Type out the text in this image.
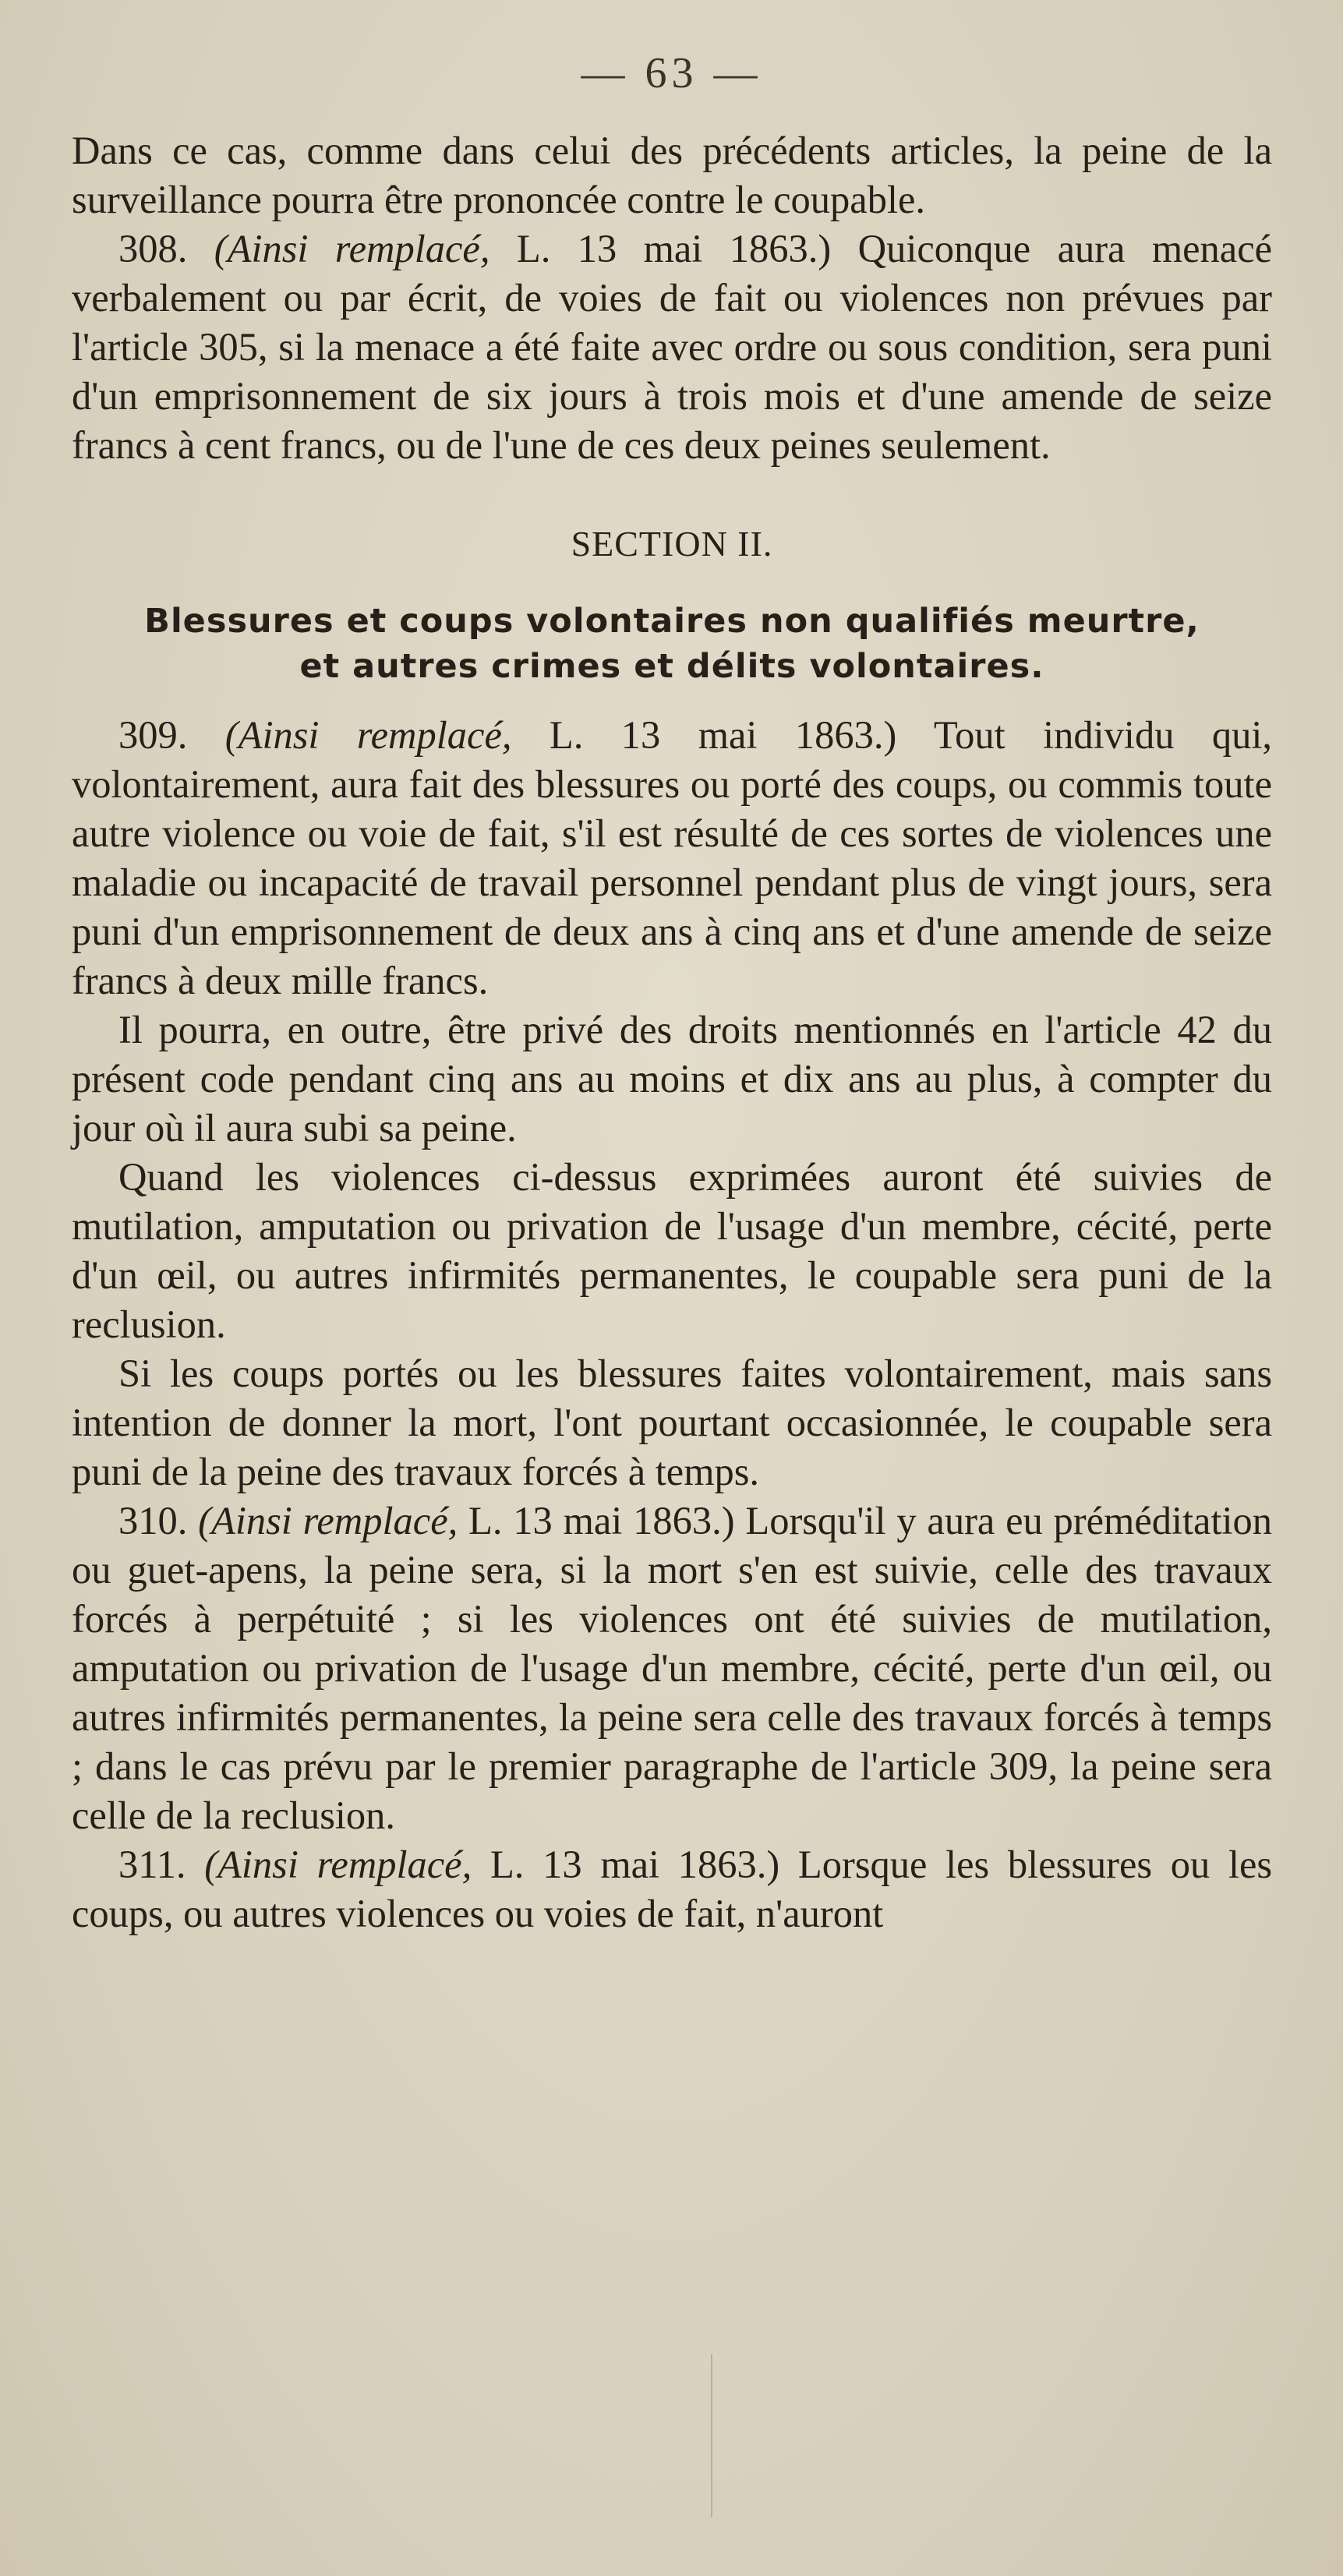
— 63 —

Dans ce cas, comme dans celui des précédents articles, la peine de la surveillance pourra être prononcée contre le coupable.

308. (Ainsi remplacé, L. 13 mai 1863.) Quiconque aura menacé verbalement ou par écrit, de voies de fait ou violences non prévues par l'article 305, si la menace a été faite avec ordre ou sous condition, sera puni d'un emprisonnement de six jours à trois mois et d'une amende de seize francs à cent francs, ou de l'une de ces deux peines seulement.

SECTION II.
Blessures et coups volontaires non qualifiés meurtre,
et autres crimes et délits volontaires.

309. (Ainsi remplacé, L. 13 mai 1863.) Tout individu qui, volontairement, aura fait des blessures ou porté des coups, ou commis toute autre violence ou voie de fait, s'il est résulté de ces sortes de violences une maladie ou incapacité de travail personnel pendant plus de vingt jours, sera puni d'un emprisonnement de deux ans à cinq ans et d'une amende de seize francs à deux mille francs.

Il pourra, en outre, être privé des droits mentionnés en l'article 42 du présent code pendant cinq ans au moins et dix ans au plus, à compter du jour où il aura subi sa peine.

Quand les violences ci-dessus exprimées auront été suivies de mutilation, amputation ou privation de l'usage d'un membre, cécité, perte d'un œil, ou autres infirmités permanentes, le coupable sera puni de la reclusion.

Si les coups portés ou les blessures faites volontairement, mais sans intention de donner la mort, l'ont pourtant occasionnée, le coupable sera puni de la peine des travaux forcés à temps.

310. (Ainsi remplacé, L. 13 mai 1863.) Lorsqu'il y aura eu préméditation ou guet-apens, la peine sera, si la mort s'en est suivie, celle des travaux forcés à perpétuité ; si les violences ont été suivies de mutilation, amputation ou privation de l'usage d'un membre, cécité, perte d'un œil, ou autres infirmités permanentes, la peine sera celle des travaux forcés à temps ; dans le cas prévu par le premier paragraphe de l'article 309, la peine sera celle de la reclusion.

311. (Ainsi remplacé, L. 13 mai 1863.) Lorsque les blessures ou les coups, ou autres violences ou voies de fait, n'auront
